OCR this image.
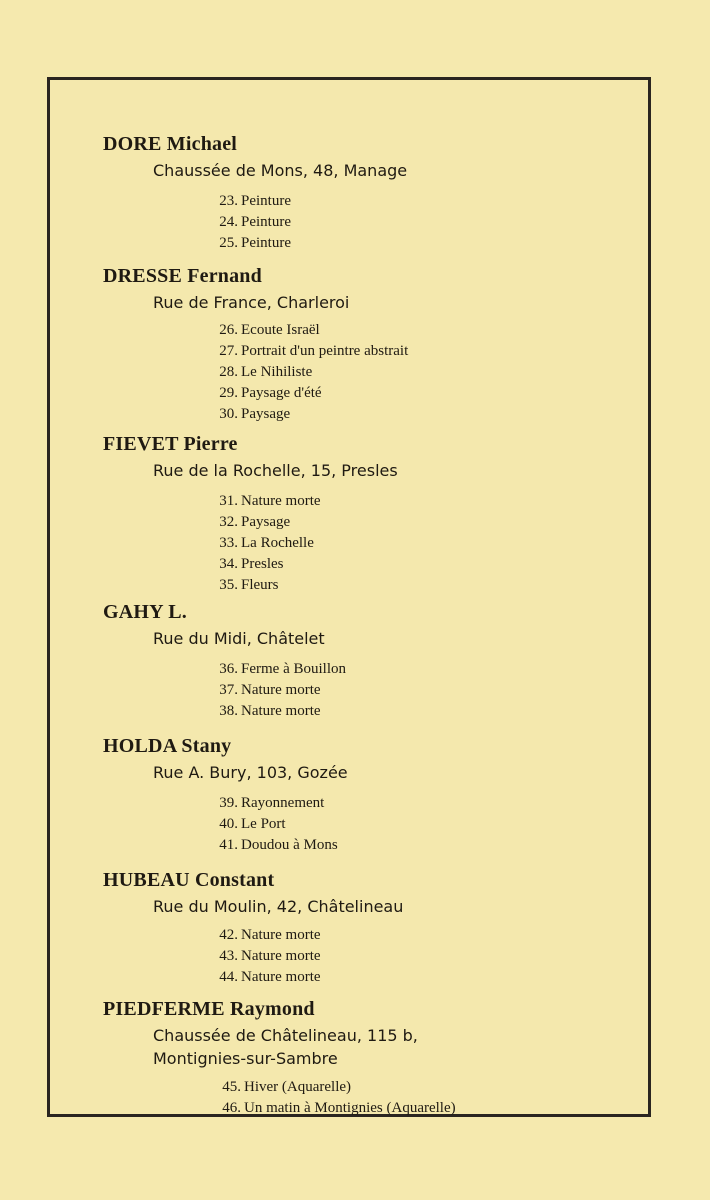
DORE Michael
Chaussée de Mons, 48, Manage
23. Peinture
24. Peinture
25. Peinture
DRESSE Fernand
Rue de France, Charleroi
26. Ecoute Israël
27. Portrait d'un peintre abstrait
28. Le Nihiliste
29. Paysage d'été
30. Paysage
FIEVET Pierre
Rue de la Rochelle, 15, Presles
31. Nature morte
32. Paysage
33. La Rochelle
34. Presles
35. Fleurs
GAHY L.
Rue du Midi, Châtelet
36. Ferme à Bouillon
37. Nature morte
38. Nature morte
HOLDA Stany
Rue A. Bury, 103, Gozée
39. Rayonnement
40. Le Port
41. Doudou à Mons
HUBEAU Constant
Rue du Moulin, 42, Châtelineau
42. Nature morte
43. Nature morte
44. Nature morte
PIEDFERME Raymond
Chaussée de Châtelineau, 115 b,
Montignies-sur-Sambre
45. Hiver (Aquarelle)
46. Un matin à Montignies (Aquarelle)
